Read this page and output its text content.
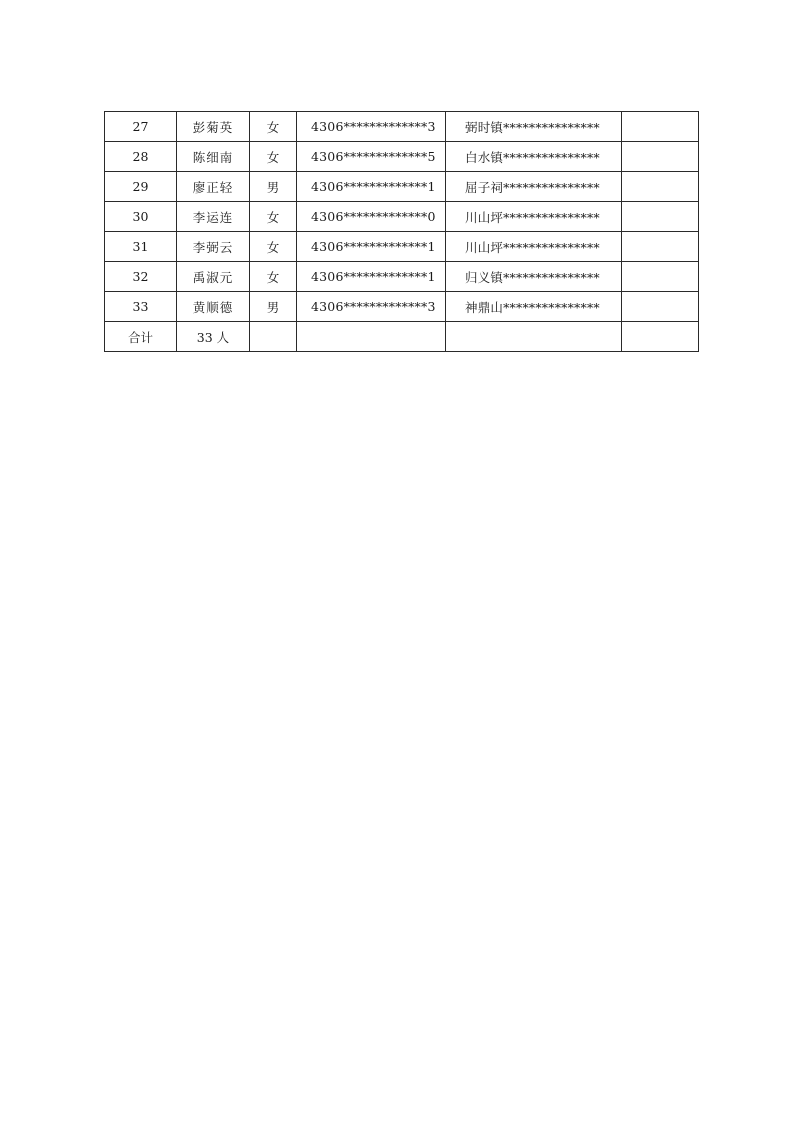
27	彭菊英	女	4306*************3	弼时镇***************	
28	陈细南	女	4306*************5	白水镇***************	
29	廖正轻	男	4306*************1	屈子祠***************	
30	李运连	女	4306*************0	川山坪***************	
31	李弼云	女	4306*************1	川山坪***************	
32	禹淑元	女	4306*************1	归义镇***************	
33	黄顺德	男	4306*************3	神鼎山***************	
合计	33 人				
